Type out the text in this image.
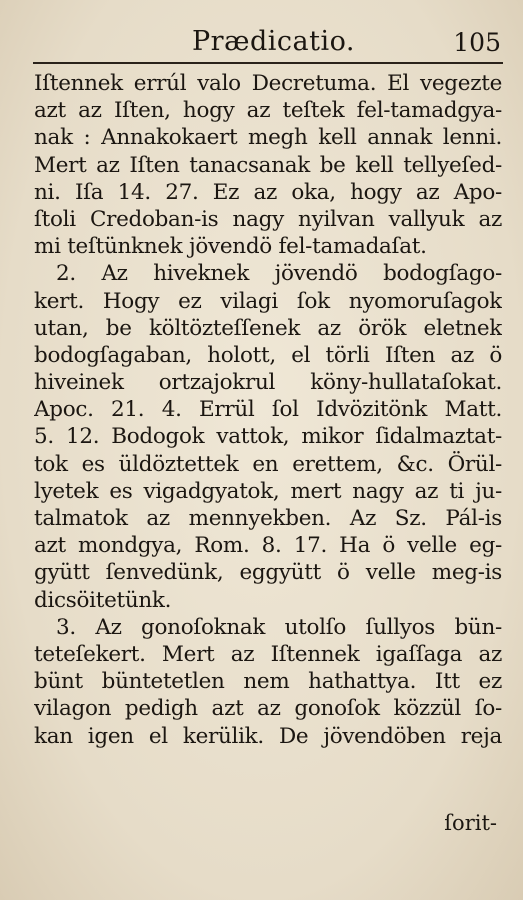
Prædicatio.	105
Iſtennek errúl valo Decretuma. El vegezte
azt az Iſten, hogy az teſtek fel-tamadgya-
nak : Annakokaert megh kell annak lenni.
Mert az Iſten tanacsanak be kell tellyeſed-
ni. Iſa 14. 27. Ez az oka, hogy az Apo-
ſtoli Credoban-is nagy nyilvan vallyuk az
mi teſtünknek jövendö fel-tamadaſat.
2. Az hiveknek jövendö bodogſago-
kert. Hogy ez vilagi ſok nyomoruſagok
utan, be költözteſſenek az örök eletnek
bodogſagaban, holott, el törli Iſten az ö
hiveinek ortzajokrul köny-hullataſokat.
Apoc. 21. 4. Errül ſol Idvözitönk Matt.
5. 12. Bodogok vattok, mikor ſidalmaztat-
tok es üldöztettek en erettem, &c. Örül-
lyetek es vigadgyatok, mert nagy az ti ju-
talmatok az mennyekben. Az Sz. Pál-is
azt mondgya, Rom. 8. 17. Ha ö velle eg-
gyütt ſenvedünk, eggyütt ö velle meg-is
dicsöitetünk.
3. Az gonoſoknak utolſo ſullyos bün-
teteſekert. Mert az Iſtennek igaſſaga az
bünt büntetetlen nem hathattya. Itt ez
vilagon pedigh azt az gonoſok közzül ſo-
kan igen el kerülik. De jövendöben reja
ſorit-
